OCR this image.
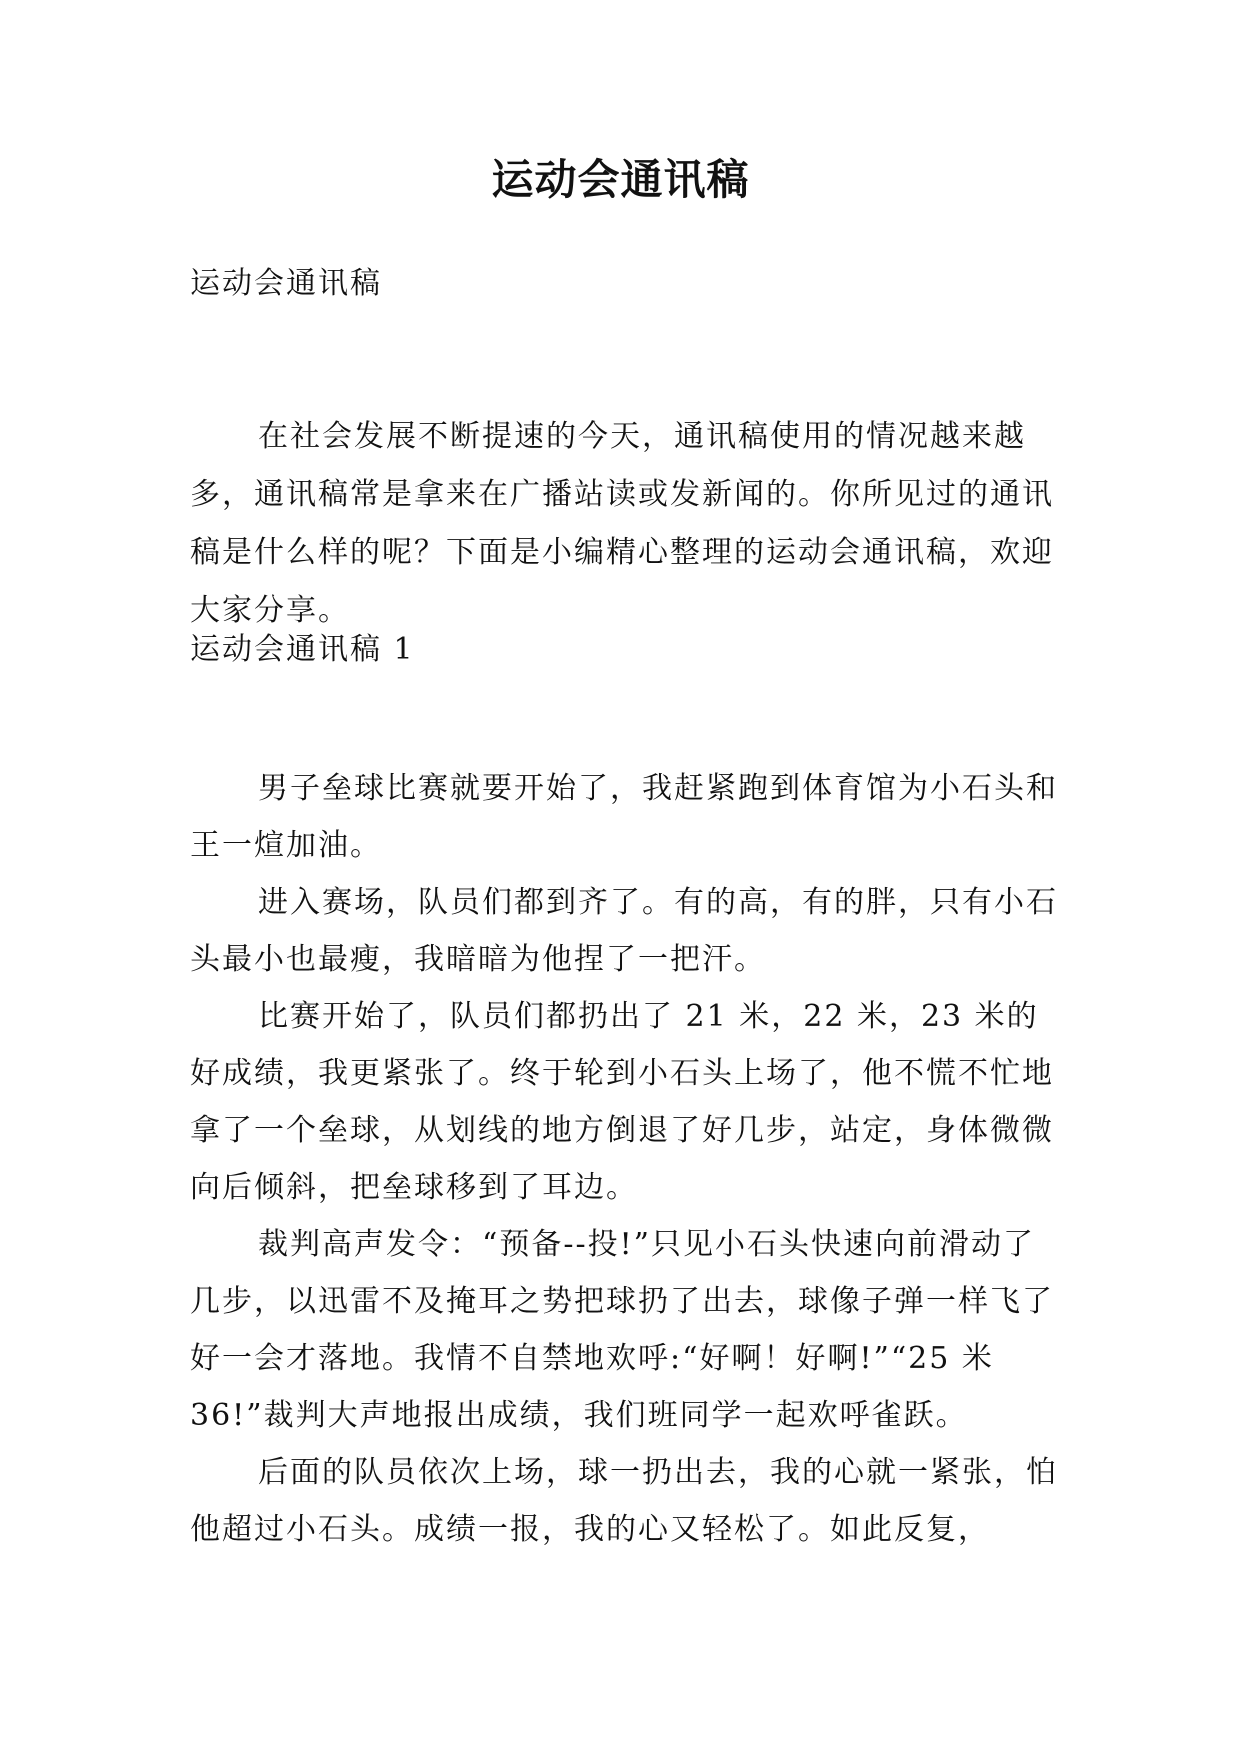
运动会通讯稿
运动会通讯稿
在社会发展不断提速的今天，通讯稿使用的情况越来越多，通讯稿常是拿来在广播站读或发新闻的。你所见过的通讯稿是什么样的呢？下面是小编精心整理的运动会通讯稿，欢迎大家分享。
运动会通讯稿 1

男子垒球比赛就要开始了，我赶紧跑到体育馆为小石头和王一煊加油。

进入赛场，队员们都到齐了。有的高，有的胖，只有小石头最小也最瘦，我暗暗为他捏了一把汗。

比赛开始了，队员们都扔出了 21 米，22 米，23 米的好成绩，我更紧张了。终于轮到小石头上场了，他不慌不忙地拿了一个垒球，从划线的地方倒退了好几步，站定，身体微微向后倾斜，把垒球移到了耳边。

裁判高声发令：“预备--投!”只见小石头快速向前滑动了几步，以迅雷不及掩耳之势把球扔了出去，球像子弹一样飞了好一会才落地。我情不自禁地欢呼:“好啊！好啊!”“25 米 36!”裁判大声地报出成绩，我们班同学一起欢呼雀跃。

后面的队员依次上场，球一扔出去，我的心就一紧张，怕他超过小石头。成绩一报，我的心又轻松了。如此反复，
